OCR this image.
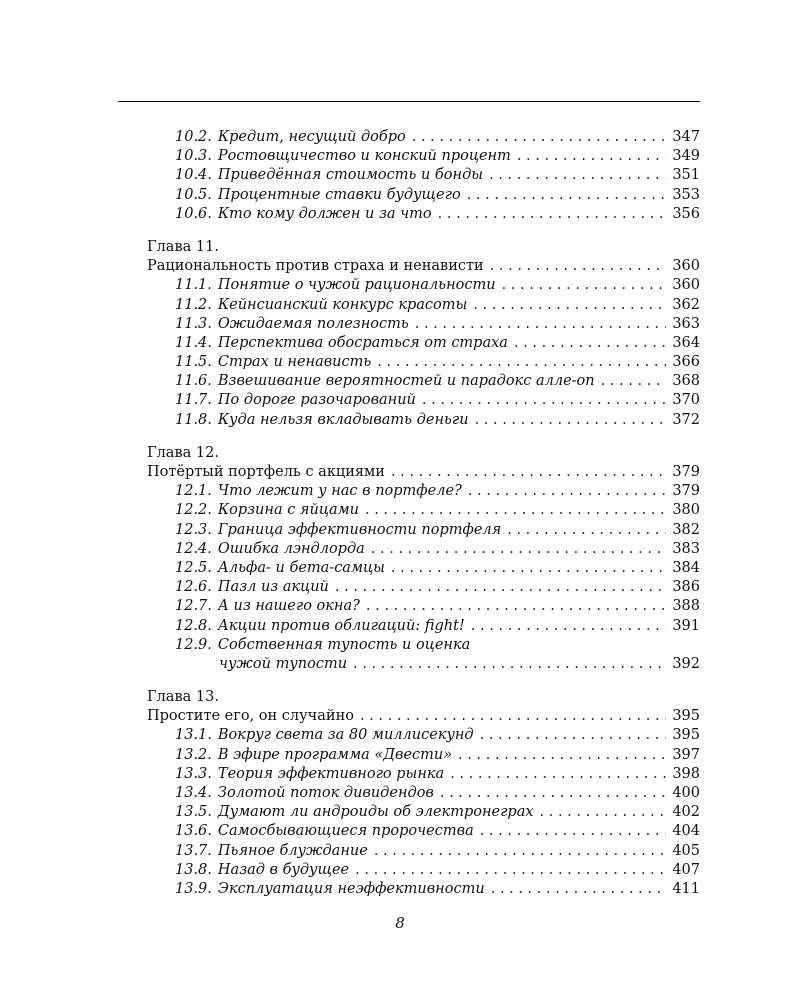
10.2. Кредит, несущий добро . . .	347
10.3. Ростовщичество и конский процент . . .	349
10.4. Приведённая стоимость и бонды . . .	351
10.5. Процентные ставки будущего . . .	353
10.6. Кто кому должен и за что . . .	356
Глава 11.
Рациональность против страха и ненависти . . .	360
11.1. Понятие о чужой рациональности . . .	360
11.2. Кейнсианский конкурс красоты . . .	362
11.3. Ожидаемая полезность . . .	363
11.4. Перспектива обосраться от страха . . .	364
11.5. Страх и ненависть . . .	366
11.6. Взвешивание вероятностей и парадокс алле-оп . . .	368
11.7. По дороге разочарований . . .	370
11.8. Куда нельзя вкладывать деньги . . .	372
Глава 12.
Потёртый портфель с акциями . . .	379
12.1. Что лежит у нас в портфеле? . . .	379
12.2. Корзина с яйцами . . .	380
12.3. Граница эффективности портфеля . . .	382
12.4. Ошибка лэндлорда . . .	383
12.5. Альфа- и бета-самцы . . .	384
12.6. Пазл из акций . . .	386
12.7. А из нашего окна? . . .	388
12.8. Акции против облигаций: fight! . . .	391
12.9. Собственная тупость и оценка
чужой тупости . . .	392
Глава 13.
Простите его, он случайно . . .	395
13.1. Вокруг света за 80 миллисекунд . . .	395
13.2. В эфире программа «Двести» . . .	397
13.3. Теория эффективного рынка . . .	398
13.4. Золотой поток дивидендов . . .	400
13.5. Думают ли андроиды об электронеграх . . .	402
13.6. Самосбывающиеся пророчества . . .	404
13.7. Пьяное блуждание . . .	405
13.8. Назад в будущее . . .	407
13.9. Эксплуатация неэффективности . . .	411
8
